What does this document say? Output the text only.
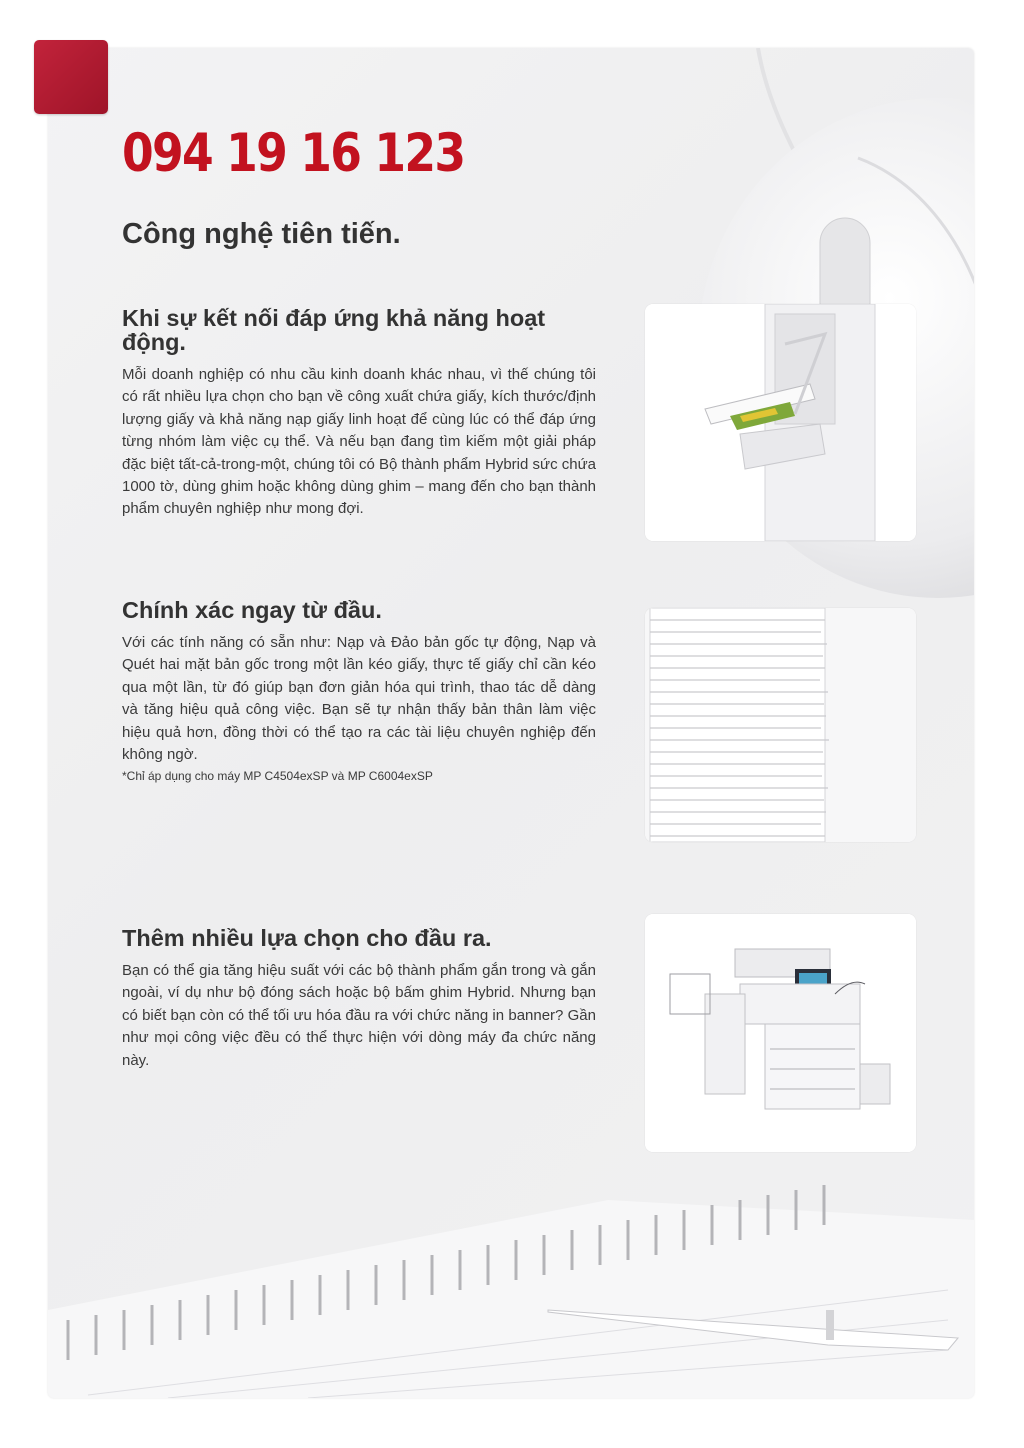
094 19 16 123
Công nghệ tiên tiến.
Khi sự kết nối đáp ứng khả năng hoạt động.

Mỗi doanh nghiệp có nhu cầu kinh doanh khác nhau, vì thế chúng tôi có rất nhiều lựa chọn cho bạn về công xuất chứa giấy, kích thước/định lượng giấy và khả năng nạp giấy linh hoạt để cùng lúc có thể đáp ứng từng nhóm làm việc cụ thể. Và nếu bạn đang tìm kiếm một giải pháp đặc biệt tất-cả-trong-một, chúng tôi có Bộ thành phẩm Hybrid sức chứa 1000 tờ, dùng ghim hoặc không dùng ghim – mang đến cho bạn thành phẩm chuyên nghiệp như mong đợi.

Chính xác ngay từ đầu.

Với các tính năng có sẵn như: Nạp và Đảo bản gốc tự động, Nạp và Quét hai mặt bản gốc trong một lần kéo giấy, thực tế giấy chỉ cần kéo qua một lần, từ đó giúp bạn đơn giản hóa qui trình, thao tác dễ dàng và tăng hiệu quả công việc. Bạn sẽ tự nhận thấy bản thân làm việc hiệu quả hơn, đồng thời có thể tạo ra các tài liệu chuyên nghiệp đến không ngờ.

*Chỉ áp dụng cho máy MP C4504exSP và MP C6004exSP

Thêm nhiều lựa chọn cho đầu ra.

Bạn có thể gia tăng hiệu suất với các bộ thành phẩm gắn trong và gắn ngoài, ví dụ như bộ đóng sách hoặc bộ bấm ghim Hybrid. Nhưng bạn có biết bạn còn có thể tối ưu hóa đầu ra với chức năng in banner? Gần như mọi công việc đều có thể thực hiện với dòng máy đa chức năng này.
